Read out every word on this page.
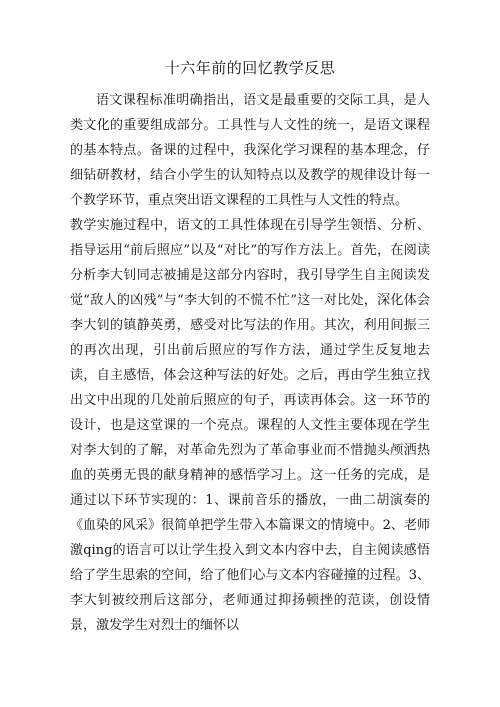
十六年前的回忆教学反思

语文课程标准明确指出，语文是最重要的交际工具，是人类文化的重要组成部分。工具性与人文性的统一，是语文课程的基本特点。备课的过程中，我深化学习课程的基本理念，仔细钻研教材，结合小学生的认知特点以及教学的规律设计每一个教学环节，重点突出语文课程的工具性与人文性的特点。

教学实施过程中，语文的工具性体现在引导学生领悟、分析、指导运用“前后照应”以及“对比”的写作方法上。首先，在阅读分析李大钊同志被捕是这部分内容时，我引导学生自主阅读发觉“敌人的凶残”与“李大钊的不慌不忙”这一对比处，深化体会李大钊的镇静英勇，感受对比写法的作用。其次，利用间振三的再次出现，引出前后照应的写作方法，通过学生反复地去读，自主感悟，体会这种写法的好处。之后，再由学生独立找出文中出现的几处前后照应的句子，再读再体会。这一环节的设计，也是这堂课的一个亮点。课程的人文性主要体现在学生对李大钊的了解，对革命先烈为了革命事业而不惜抛头颅洒热血的英勇无畏的献身精神的感悟学习上。这一任务的完成，是通过以下环节实现的：1、课前音乐的播放，一曲二胡演奏的《血染的风采》很简单把学生带入本篇课文的情境中。2、老师激qing的语言可以让学生投入到文本内容中去，自主阅读感悟给了学生思索的空间，给了他们心与文本内容碰撞的过程。3、李大钊被绞刑后这部分，老师通过抑扬顿挫的范读，创设情景，激发学生对烈士的缅怀以
